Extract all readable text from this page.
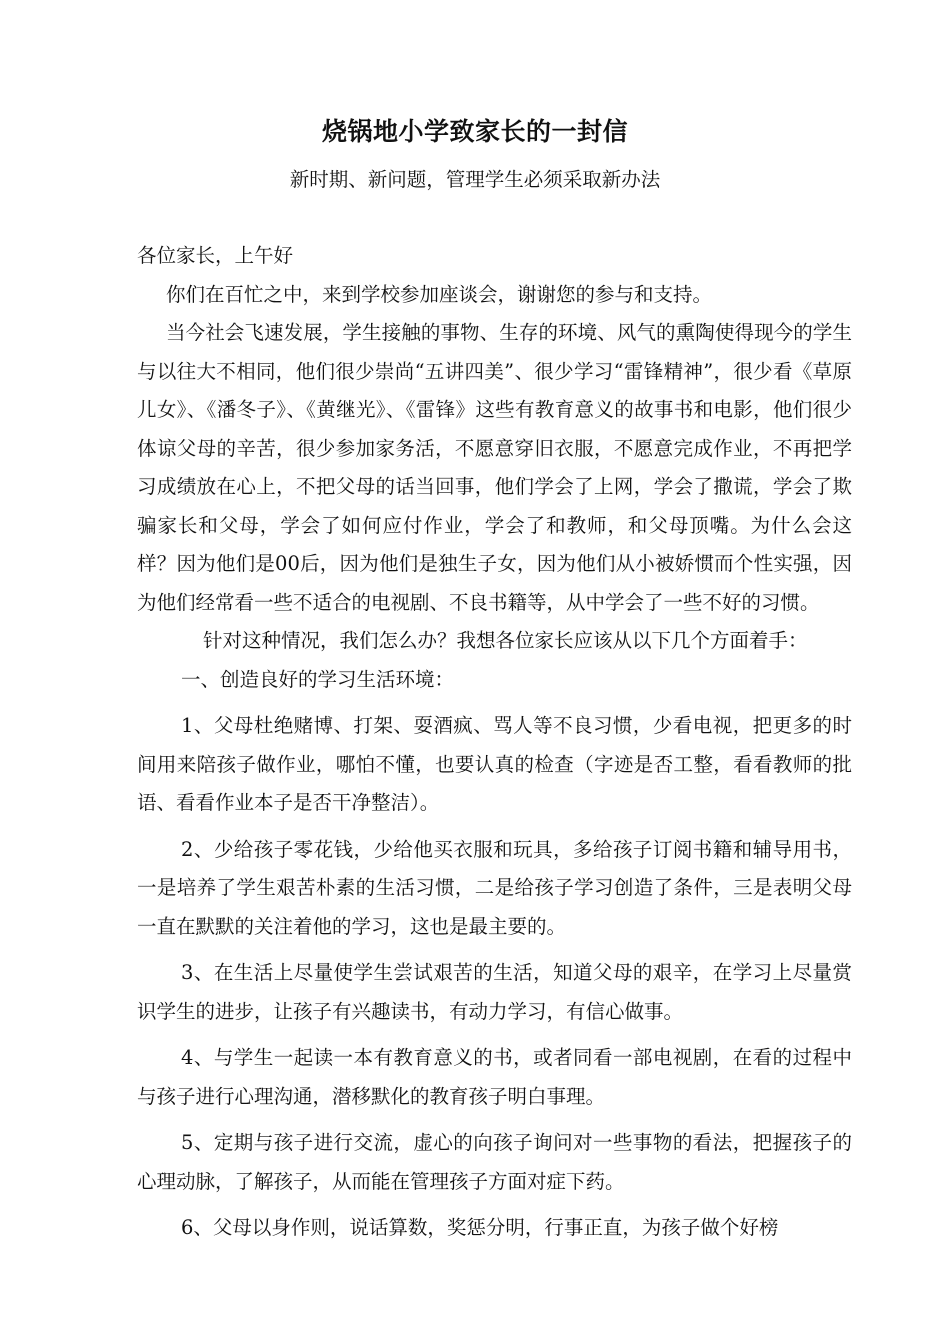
烧锅地小学致家长的一封信
新时期、新问题，管理学生必须采取新办法

各位家长，上午好

你们在百忙之中，来到学校参加座谈会，谢谢您的参与和支持。

当今社会飞速发展，学生接触的事物、生存的环境、风气的熏陶使得现今的学生与以往大不相同，他们很少崇尚“五讲四美”、很少学习“雷锋精神”，很少看《草原儿女》、《潘冬子》、《黄继光》、《雷锋》这些有教育意义的故事书和电影，他们很少体谅父母的辛苦，很少参加家务活，不愿意穿旧衣服，不愿意完成作业，不再把学习成绩放在心上，不把父母的话当回事，他们学会了上网，学会了撒谎，学会了欺骗家长和父母，学会了如何应付作业，学会了和教师，和父母顶嘴。为什么会这样？因为他们是00后，因为他们是独生子女，因为他们从小被娇惯而个性实强，因为他们经常看一些不适合的电视剧、不良书籍等，从中学会了一些不好的习惯。

针对这种情况，我们怎么办？我想各位家长应该从以下几个方面着手：

一、创造良好的学习生活环境：

1、父母杜绝赌博、打架、耍酒疯、骂人等不良习惯，少看电视，把更多的时间用来陪孩子做作业，哪怕不懂，也要认真的检查（字迹是否工整，看看教师的批语、看看作业本子是否干净整洁）。

2、少给孩子零花钱，少给他买衣服和玩具，多给孩子订阅书籍和辅导用书，一是培养了学生艰苦朴素的生活习惯，二是给孩子学习创造了条件，三是表明父母一直在默默的关注着他的学习，这也是最主要的。

3、在生活上尽量使学生尝试艰苦的生活，知道父母的艰辛，在学习上尽量赏识学生的进步，让孩子有兴趣读书，有动力学习，有信心做事。

4、与学生一起读一本有教育意义的书，或者同看一部电视剧，在看的过程中与孩子进行心理沟通，潜移默化的教育孩子明白事理。

5、定期与孩子进行交流，虚心的向孩子询问对一些事物的看法，把握孩子的心理动脉，了解孩子，从而能在管理孩子方面对症下药。

6、父母以身作则，说话算数，奖惩分明，行事正直，为孩子做个好榜
